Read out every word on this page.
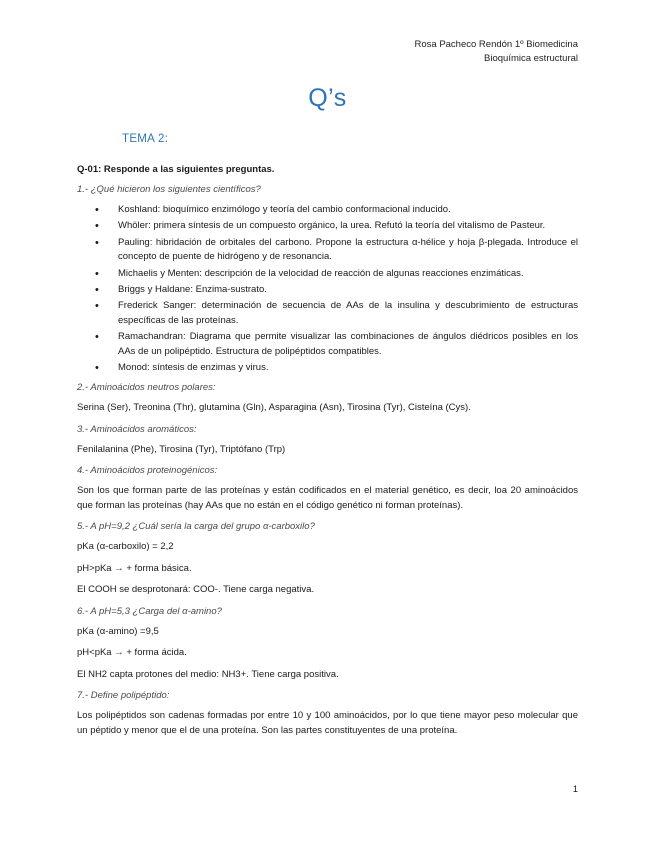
Rosa Pacheco Rendón 1º Biomedicina
Bioquímica estructural
Q’s
TEMA 2:
Q-01: Responde a las siguientes preguntas.
1.- ¿Qué hicieron los siguientes científicos?
• Koshland: bioquímico enzimólogo y teoría del cambio conformacional inducido.
• Whöler: primera síntesis de un compuesto orgánico, la urea. Refutó la teoría del vitalismo de Pasteur.
• Pauling: hibridación de orbitales del carbono. Propone la estructura α-hélice y hoja β-plegada. Introduce el concepto de puente de hidrógeno y de resonancia.
• Michaelis y Menten: descripción de la velocidad de reacción de algunas reacciones enzimáticas.
• Briggs y Haldane: Enzima-sustrato.
• Frederick Sanger: determinación de secuencia de AAs de la insulina y descubrimiento de estructuras específicas de las proteínas.
• Ramachandran: Diagrama que permite visualizar las combinaciones de ángulos diédricos posibles en los AAs de un polipéptido. Estructura de polipéptidos compatibles.
• Monod: síntesis de enzimas y virus.
2.- Aminoácidos neutros polares:

Serina (Ser), Treonina (Thr), glutamina (Gln), Asparagina (Asn), Tirosina (Tyr), Cisteína (Cys).

3.- Aminoácidos aromáticos:

Fenilalanina (Phe), Tirosina (Tyr), Triptófano (Trp)

4.- Aminoácidos proteinogénicos:

Son los que forman parte de las proteínas y están codificados en el material genético, es decir, loa 20 aminoácidos que forman las proteínas (hay AAs que no están en el código genético ni forman proteínas).

5.- A pH=9,2 ¿Cuál sería la carga del grupo α-carboxilo?

pKa (α-carboxilo) = 2,2

pH>pKa → + forma básica.

El COOH se desprotonará: COO-. Tiene carga negativa.

6.- A pH=5,3 ¿Carga del α-amino?

pKa (α-amino) =9,5

pH<pKa → + forma ácida.

El NH2 capta protones del medio: NH3+. Tiene carga positiva.

7.- Define polipéptido:

Los polipéptidos son cadenas formadas por entre 10 y 100 aminoácidos, por lo que tiene mayor peso molecular que un péptido y menor que el de una proteína. Son las partes constituyentes de una proteína.

1
